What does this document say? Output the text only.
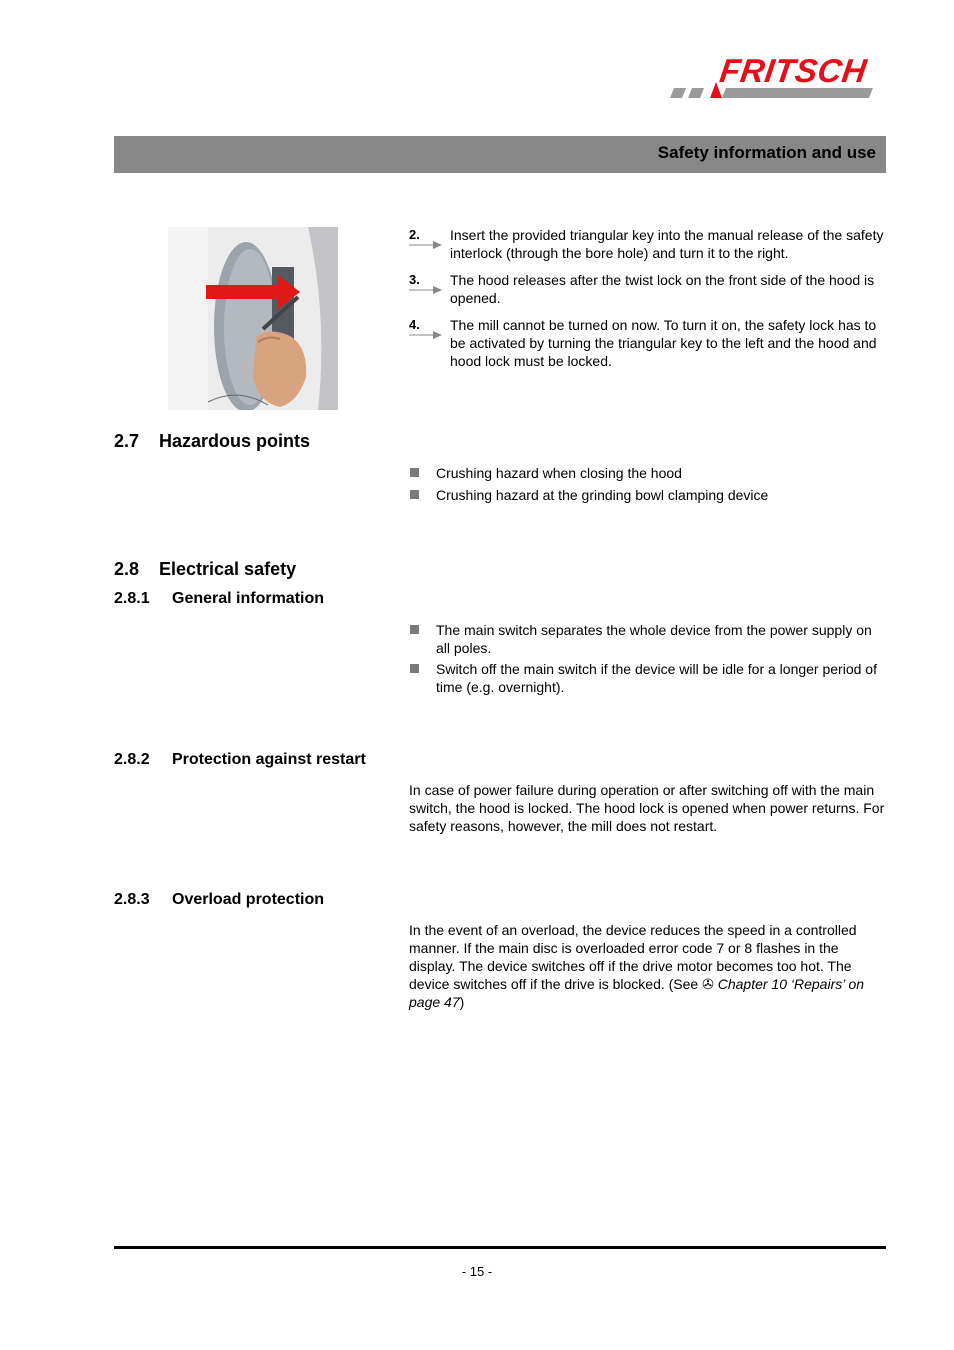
FRITSCH
Safety information and use
2.	Insert the provided triangular key into the manual release of the safety interlock (through the bore hole) and turn it to the right.
3.	The hood releases after the twist lock on the front side of the hood is opened.
4.	The mill cannot be turned on now. To turn it on, the safety lock has to be activated by turning the triangular key to the left and the hood and hood lock must be locked.
2.7 Hazardous points
Crushing hazard when closing the hood
Crushing hazard at the grinding bowl clamping device
2.8 Electrical safety
2.8.1 General information
The main switch separates the whole device from the power supply on all poles.
Switch off the main switch if the device will be idle for a longer period of time (e.g. overnight).
2.8.2 Protection against restart
In case of power failure during operation or after switching off with the main switch, the hood is locked. The hood lock is opened when power returns. For safety reasons, however, the mill does not restart.
2.8.3 Overload protection
In the event of an overload, the device reduces the speed in a controlled manner. If the main disc is overloaded error code 7 or 8 flashes in the display. The device switches off if the drive motor becomes too hot. The device switches off if the drive is blocked. (See ✇ Chapter 10 ‘Repairs’ on page 47)
- 15 -
